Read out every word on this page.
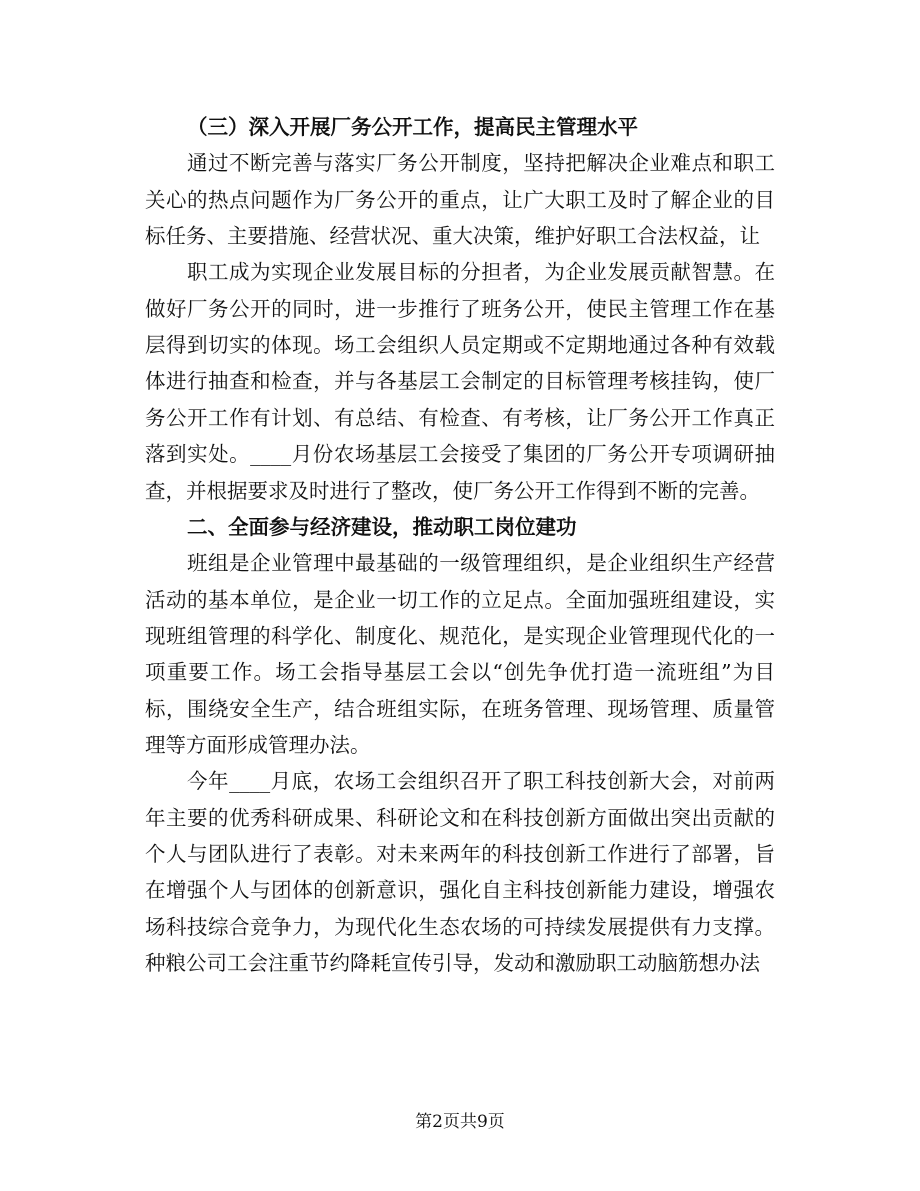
（三）深入开展厂务公开工作，提高民主管理水平
通过不断完善与落实厂务公开制度，坚持把解决企业难点和职工
关心的热点问题作为厂务公开的重点，让广大职工及时了解企业的目
标任务、主要措施、经营状况、重大决策，维护好职工合法权益，让
职工成为实现企业发展目标的分担者，为企业发展贡献智慧。在
做好厂务公开的同时，进一步推行了班务公开，使民主管理工作在基
层得到切实的体现。场工会组织人员定期或不定期地通过各种有效载
体进行抽查和检查，并与各基层工会制定的目标管理考核挂钩，使厂
务公开工作有计划、有总结、有检查、有考核，让厂务公开工作真正
落到实处。____月份农场基层工会接受了集团的厂务公开专项调研抽
查，并根据要求及时进行了整改，使厂务公开工作得到不断的完善。
二、全面参与经济建设，推动职工岗位建功
班组是企业管理中最基础的一级管理组织，是企业组织生产经营
活动的基本单位，是企业一切工作的立足点。全面加强班组建设，实
现班组管理的科学化、制度化、规范化，是实现企业管理现代化的一
项重要工作。场工会指导基层工会以“创先争优打造一流班组”为目
标，围绕安全生产，结合班组实际，在班务管理、现场管理、质量管
理等方面形成管理办法。
今年____月底，农场工会组织召开了职工科技创新大会，对前两
年主要的优秀科研成果、科研论文和在科技创新方面做出突出贡献的
个人与团队进行了表彰。对未来两年的科技创新工作进行了部署，旨
在增强个人与团体的创新意识，强化自主科技创新能力建设，增强农
场科技综合竞争力，为现代化生态农场的可持续发展提供有力支撑。
种粮公司工会注重节约降耗宣传引导，发动和激励职工动脑筋想办法
第2页共9页
